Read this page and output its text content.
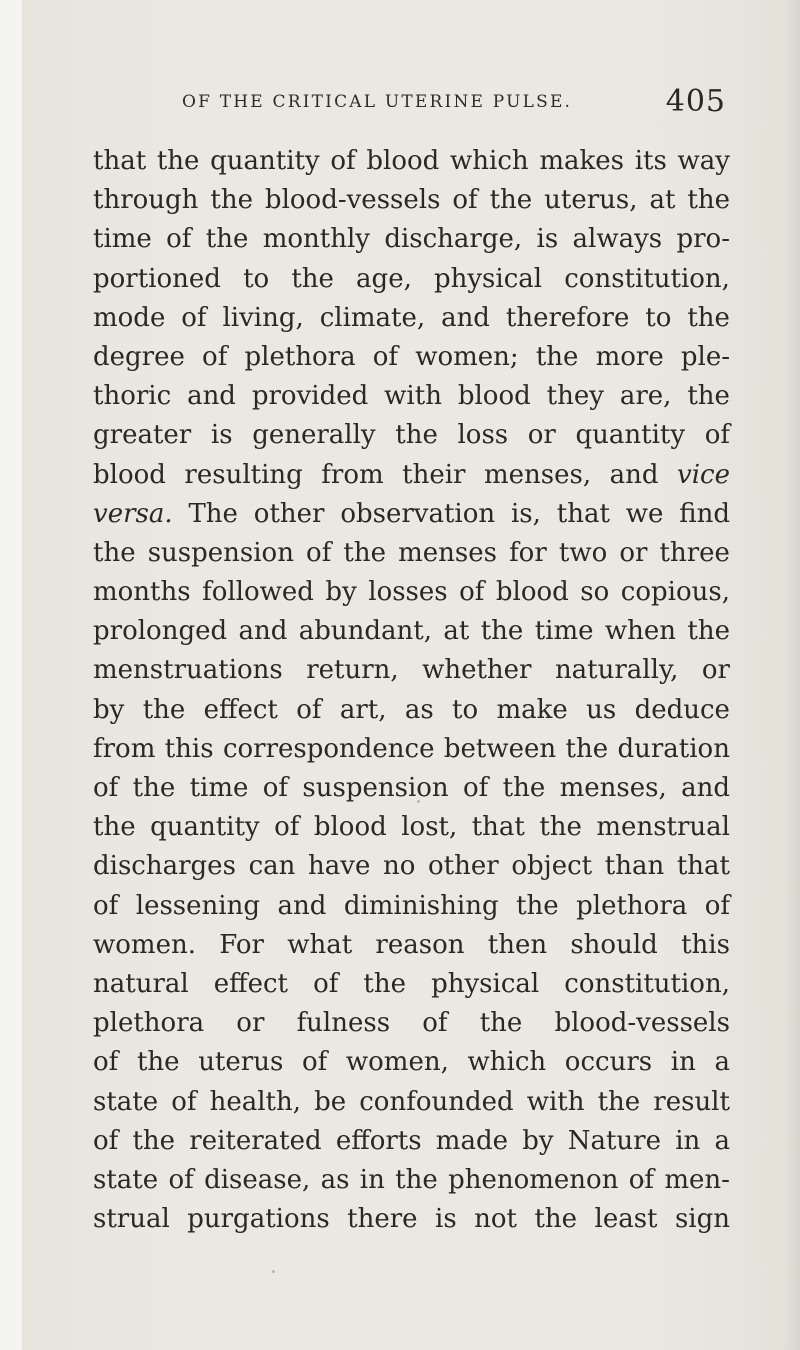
OF THE CRITICAL UTERINE PULSE.	405
that the quantity of blood which makes its way
through the blood-vessels of the uterus, at the
time of the monthly discharge, is always pro-
portioned to the age, physical constitution,
mode of living, climate, and therefore to the
degree of plethora of women; the more ple-
thoric and provided with blood they are, the
greater is generally the loss or quantity of
blood resulting from their menses, and vice
versa. The other observation is, that we find
the suspension of the menses for two or three
months followed by losses of blood so copious,
prolonged and abundant, at the time when the
menstruations return, whether naturally, or
by the effect of art, as to make us deduce
from this correspondence between the duration
of the time of suspension of the menses, and
the quantity of blood lost, that the menstrual
discharges can have no other object than that
of lessening and diminishing the plethora of
women. For what reason then should this
natural effect of the physical constitution,
plethora or fulness of the blood-vessels
of the uterus of women, which occurs in a
state of health, be confounded with the result
of the reiterated efforts made by Nature in a
state of disease, as in the phenomenon of men-
strual purgations there is not the least sign
